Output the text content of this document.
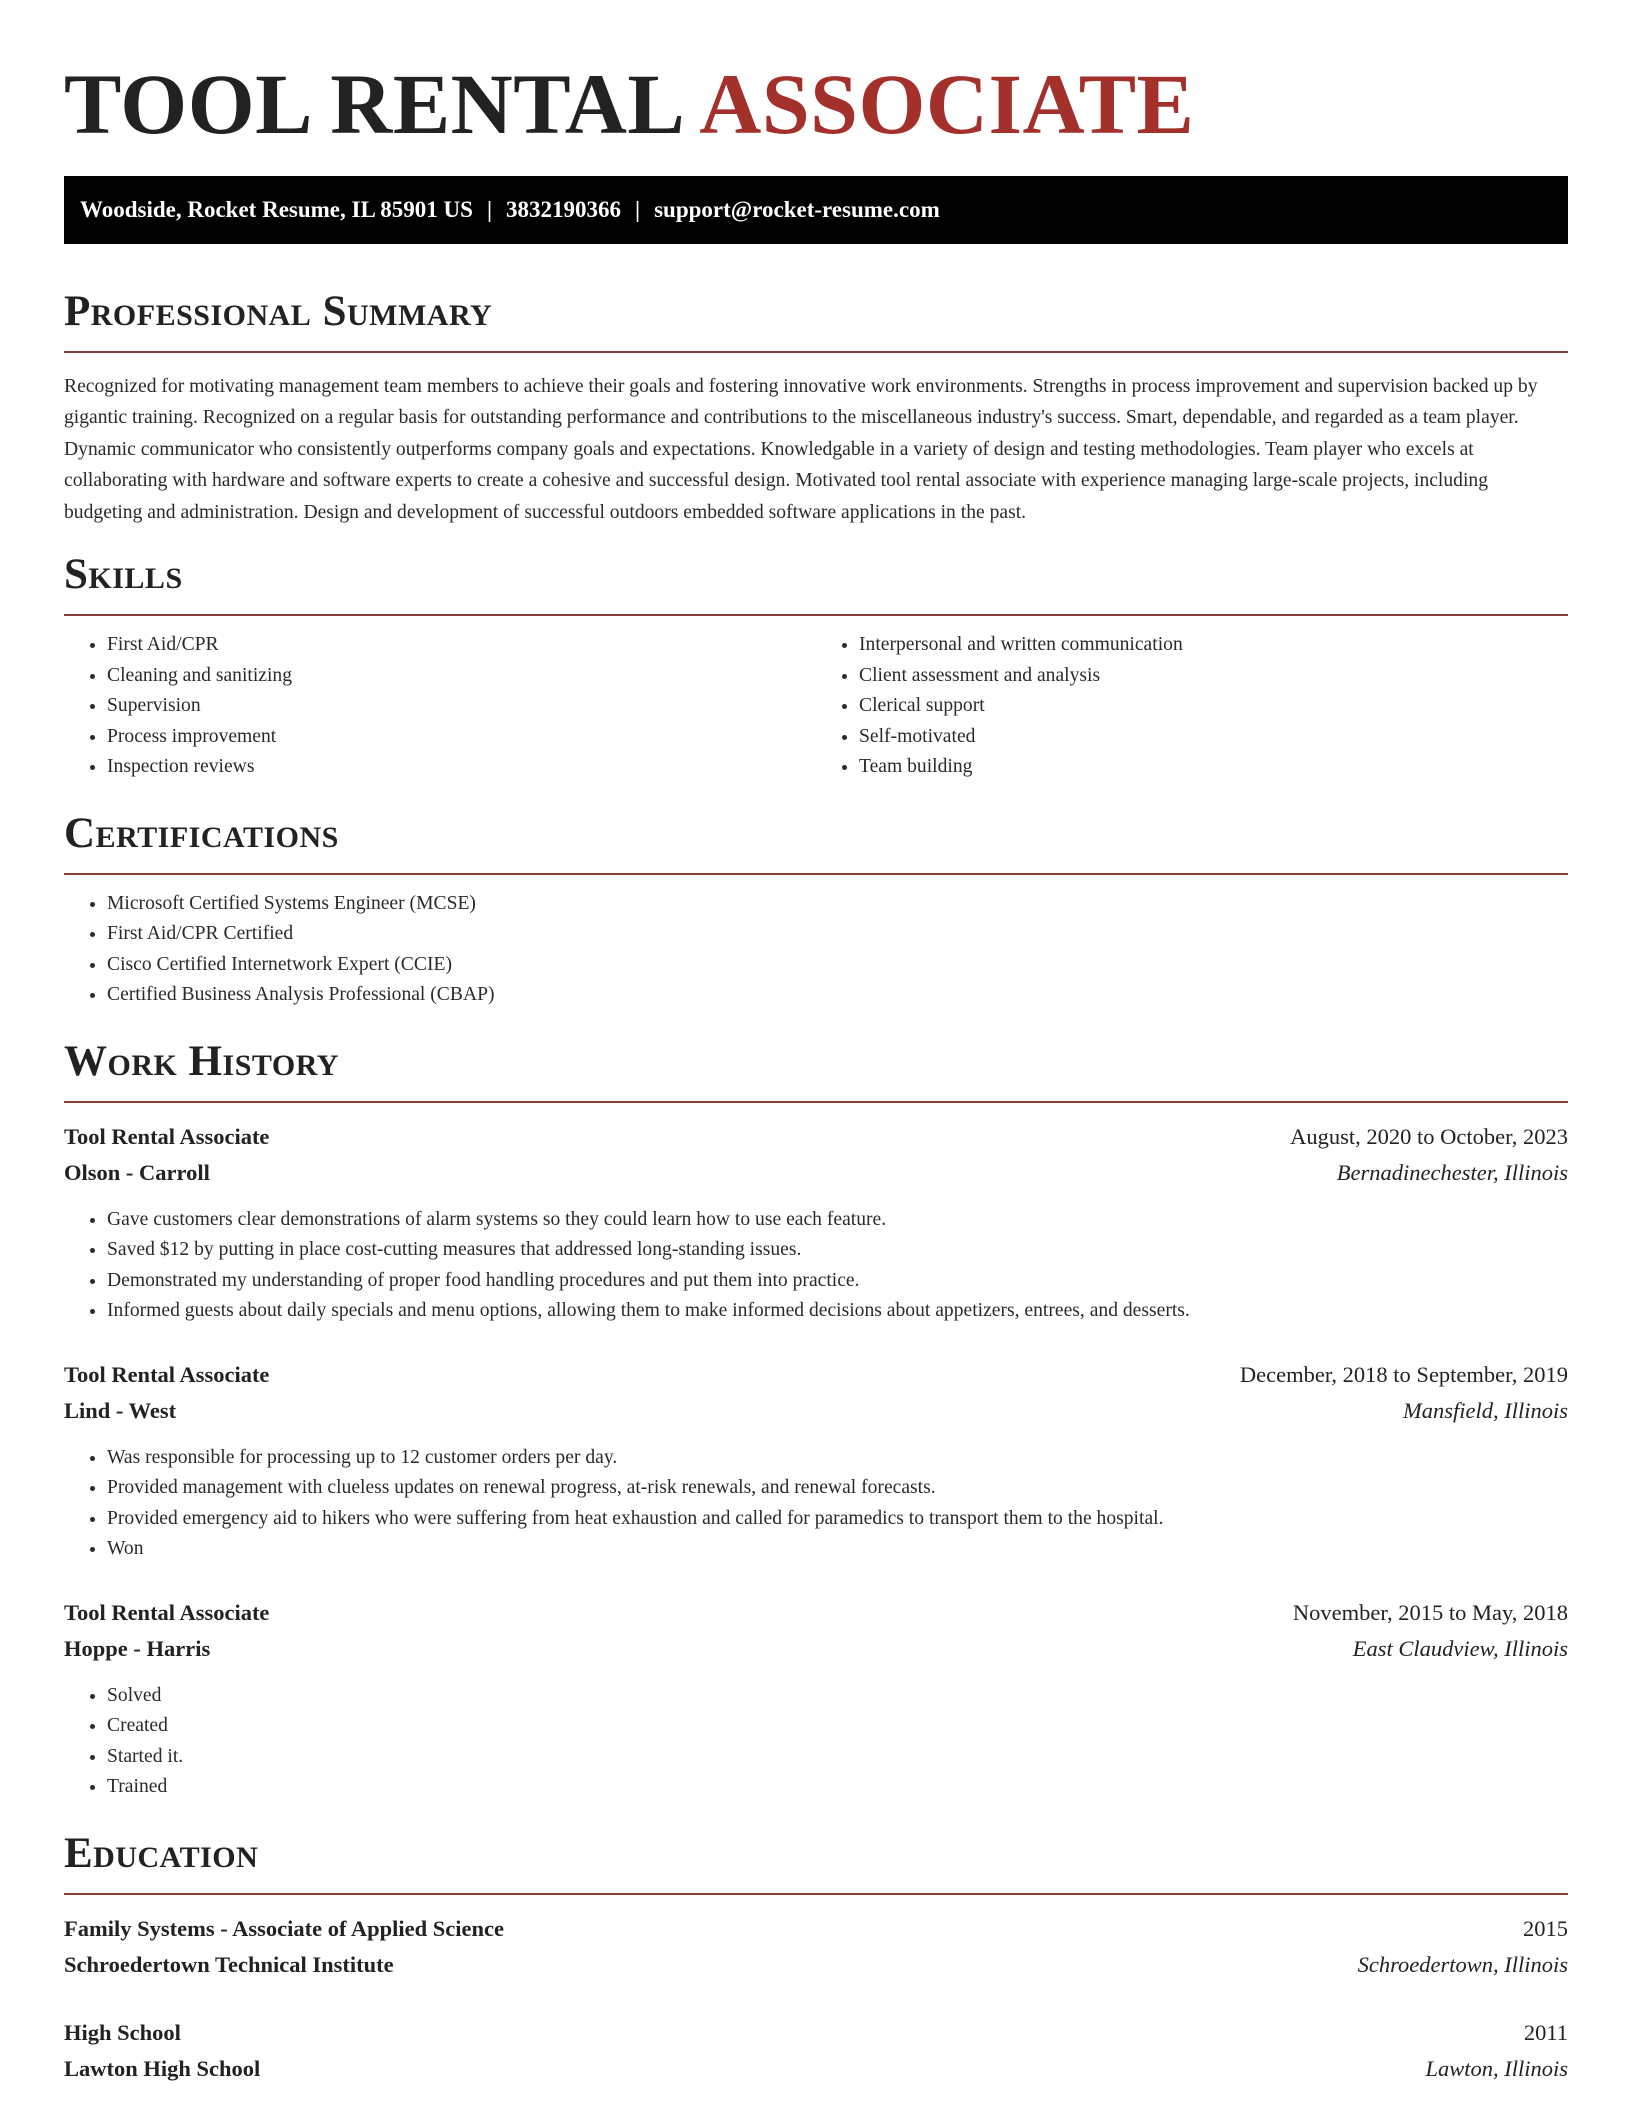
TOOL RENTAL ASSOCIATE
Woodside, Rocket Resume, IL 85901 US | 3832190366 | support@rocket-resume.com
Professional Summary

Recognized for motivating management team members to achieve their goals and fostering innovative work environments. Strengths in process improvement and supervision backed up by gigantic training. Recognized on a regular basis for outstanding performance and contributions to the miscellaneous industry's success. Smart, dependable, and regarded as a team player. Dynamic communicator who consistently outperforms company goals and expectations. Knowledgable in a variety of design and testing methodologies. Team player who excels at collaborating with hardware and software experts to create a cohesive and successful design. Motivated tool rental associate with experience managing large-scale projects, including budgeting and administration. Design and development of successful outdoors embedded software applications in the past.

Skills
• First Aid/CPR
• Cleaning and sanitizing
• Supervision
• Process improvement
• Inspection reviews
• Interpersonal and written communication
• Client assessment and analysis
• Clerical support
• Self-motivated
• Team building
Certifications
• Microsoft Certified Systems Engineer (MCSE)
• First Aid/CPR Certified
• Cisco Certified Internetwork Expert (CCIE)
• Certified Business Analysis Professional (CBAP)
Work History
Tool Rental Associate	August, 2020 to October, 2023
Olson - Carroll	Bernadinechester, Illinois
• Gave customers clear demonstrations of alarm systems so they could learn how to use each feature.
• Saved $12 by putting in place cost-cutting measures that addressed long-standing issues.
• Demonstrated my understanding of proper food handling procedures and put them into practice.
• Informed guests about daily specials and menu options, allowing them to make informed decisions about appetizers, entrees, and desserts.
Tool Rental Associate	December, 2018 to September, 2019
Lind - West	Mansfield, Illinois
• Was responsible for processing up to 12 customer orders per day.
• Provided management with clueless updates on renewal progress, at-risk renewals, and renewal forecasts.
• Provided emergency aid to hikers who were suffering from heat exhaustion and called for paramedics to transport them to the hospital.
• Won
Tool Rental Associate	November, 2015 to May, 2018
Hoppe - Harris	East Claudview, Illinois
• Solved
• Created
• Started it.
• Trained
Education
Family Systems - Associate of Applied Science	2015
Schroedertown Technical Institute	Schroedertown, Illinois
High School	2011
Lawton High School	Lawton, Illinois
